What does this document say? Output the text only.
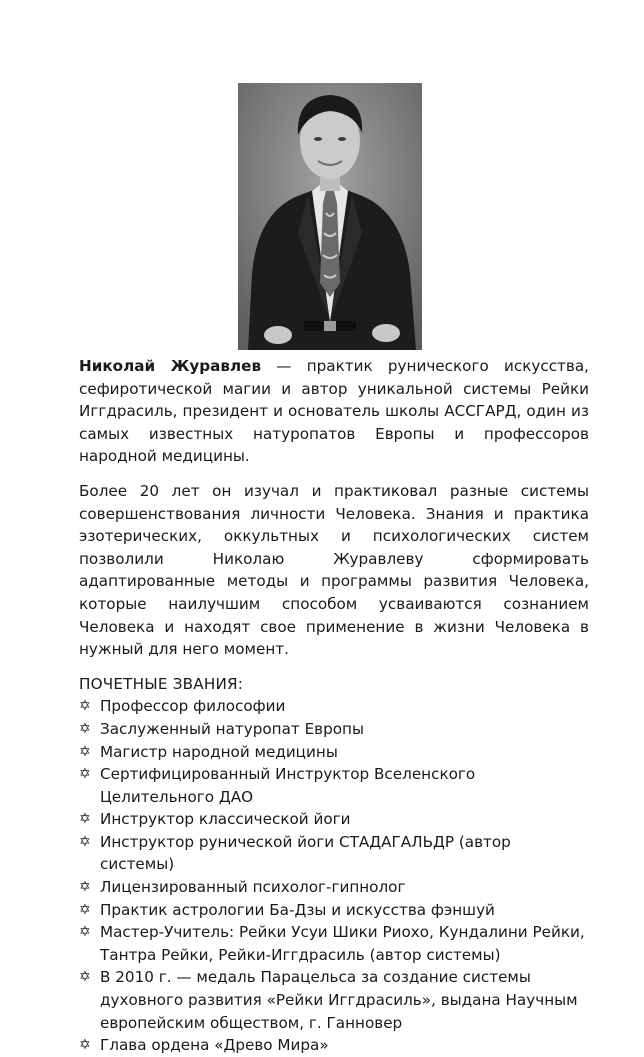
Николай Журавлев — практик рунического искусства, сефиротической магии и автор уникальной системы Рейки Иггдрасиль, президент и основатель школы АССГАРД, один из самых известных натуропатов Европы и профессоров народной медицины.

Более 20 лет он изучал и практиковал разные системы совершенствования личности Человека. Знания и практика эзотерических, оккультных и психологических систем позволили Николаю Журавлеву сформировать адаптированные методы и программы развития Человека, которые наилучшим способом усваиваются сознанием Человека и находят свое применение в жизни Человека в нужный для него момент.

ПОЧЕТНЫЕ ЗВАНИЯ:
✡ Профессор философии
✡ Заслуженный натуропат Европы
✡ Магистр народной медицины
✡ Сертифицированный Инструктор Вселенского Целительного ДАО
✡ Инструктор классической йоги
✡ Инструктор рунической йоги СТАДАГАЛЬДР (автор системы)
✡ Лицензированный психолог-гипнолог
✡ Практик астрологии Ба-Дзы и искусства фэншуй
✡ Мастер-Учитель: Рейки Усуи Шики Риохо, Кундалини Рейки, Тантра Рейки, Рейки-Иггдрасиль (автор системы)
✡ В 2010 г. — медаль Парацельса за создание системы духовного развития «Рейки Иггдрасиль», выдана Научным европейским обществом, г. Ганновер
✡ Глава ордена «Древо Мира»
